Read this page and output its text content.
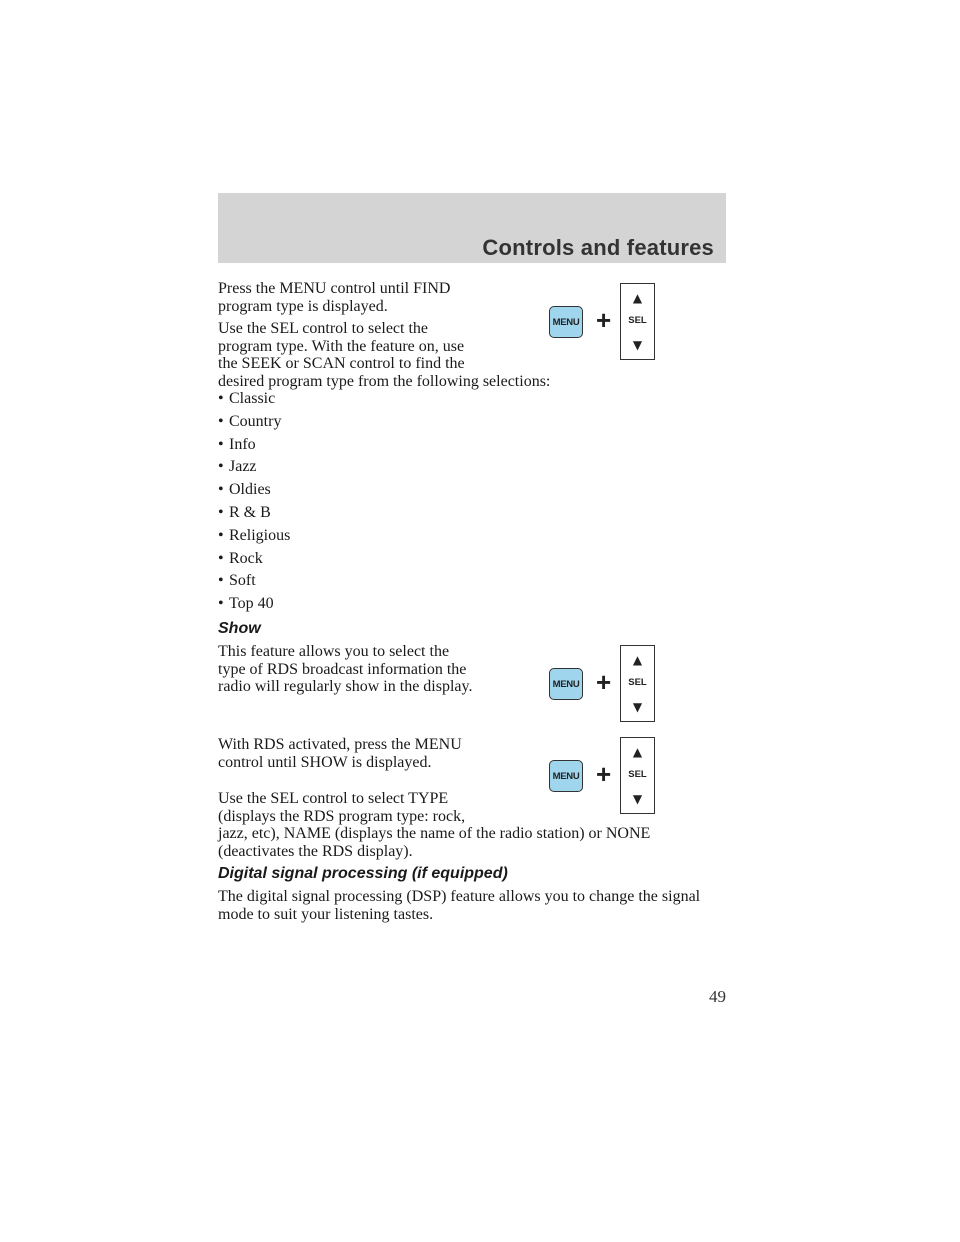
Controls and features

Press the MENU control until FIND program type is displayed.

Use the SEL control to select the
program type. With the feature on, use
the SEEK or SCAN control to find the
desired program type from the following selections:

MENU +
▲
SEL
▼
• Classic
• Country
• Info
• Jazz
• Oldies
• R & B
• Religious
• Rock
• Soft
• Top 40
Show

This feature allows you to select the type of RDS broadcast information the radio will regularly show in the display.	MENU +
▲
SEL
▼

With RDS activated, press the MENU control until SHOW is displayed.

MENU +
▲
SEL
▼

Use the SEL control to select TYPE
(displays the RDS program type: rock,
jazz, etc), NAME (displays the name of the radio station) or NONE
(deactivates the RDS display).

Digital signal processing (if equipped)

The digital signal processing (DSP) feature allows you to change the signal mode to suit your listening tastes.

49
